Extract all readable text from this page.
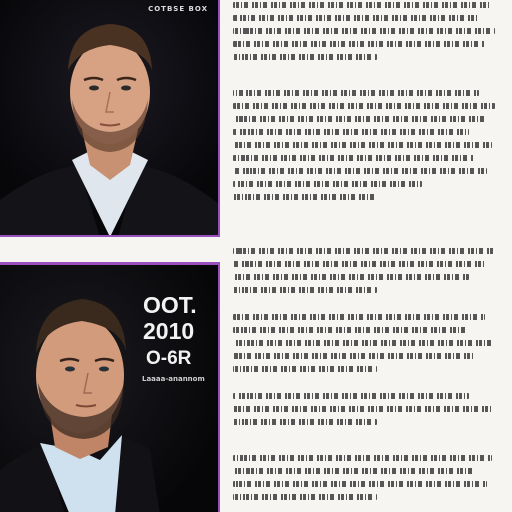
COTBSE BOX
OOT.
2010
O-6R
Laaaa-anannom
